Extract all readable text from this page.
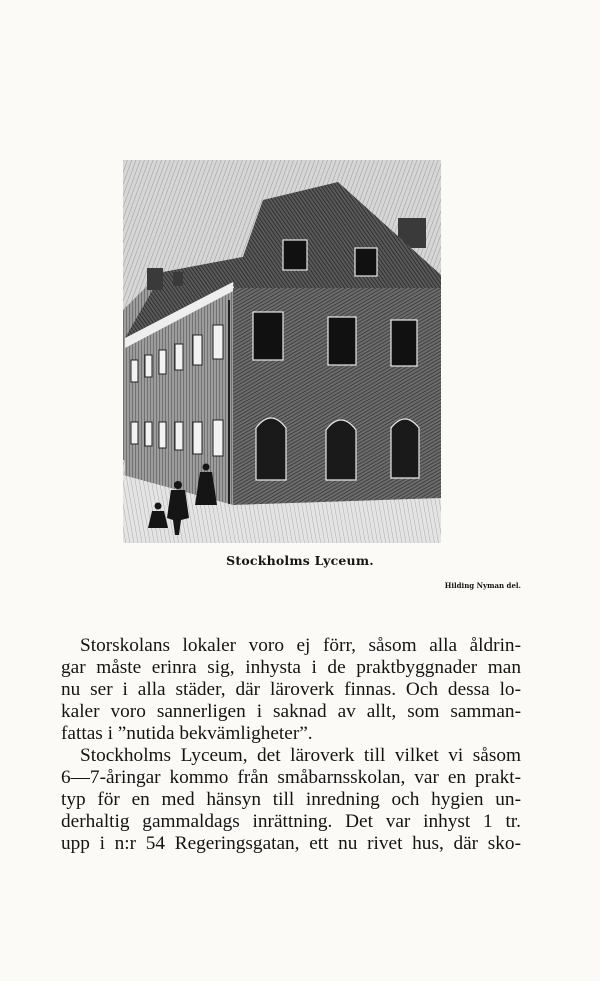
Stockholms Lyceum.
Hilding Nyman del.
Storskolans lokaler voro ej förr, såsom alla åldrin-
gar måste erinra sig, inhysta i de praktbyggnader man
nu ser i alla städer, där läroverk finnas. Och dessa lo-
kaler voro sannerligen i saknad av allt, som samman-
fattas i ”nutida bekvämligheter”.
Stockholms Lyceum, det läroverk till vilket vi såsom
6—7-åringar kommo från småbarnsskolan, var en prakt-
typ för en med hänsyn till inredning och hygien un-
derhaltig gammaldags inrättning. Det var inhyst 1 tr.
upp i n:r 54 Regeringsgatan, ett nu rivet hus, där sko-
